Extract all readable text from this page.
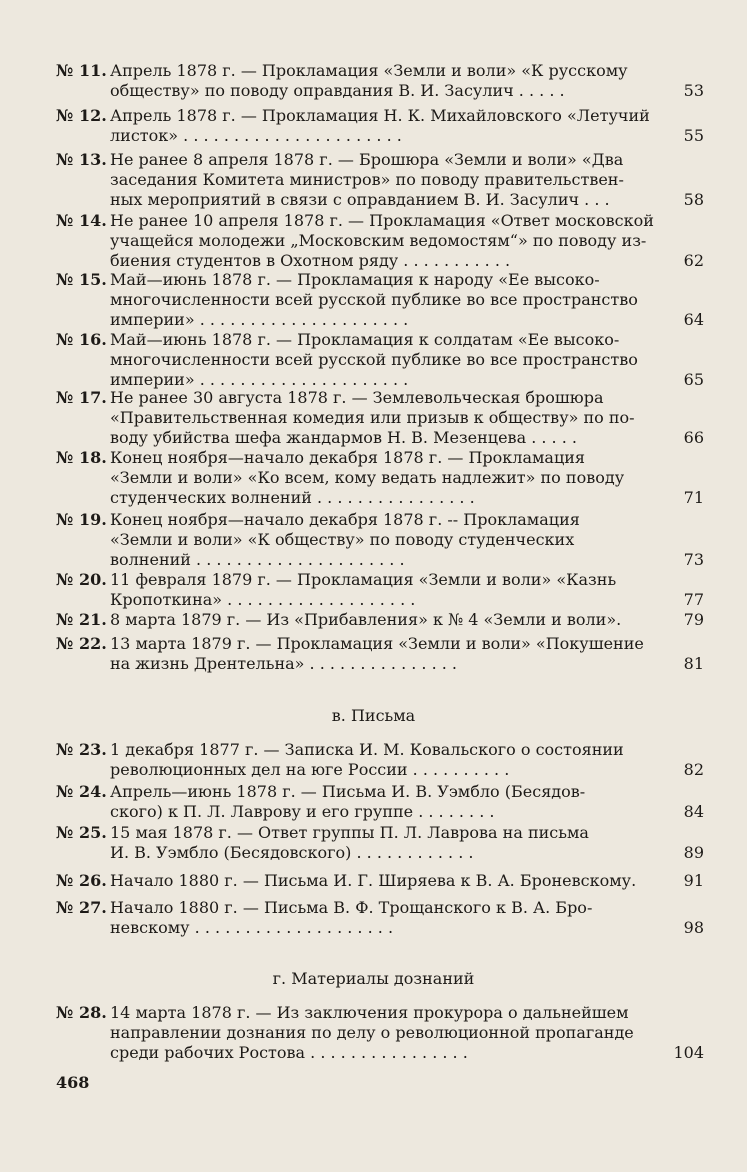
№ 11. Апрель 1878 г. — Прокламация «Земли и воли» «К русскому
обществу» по поводу оправдания В. И. Засулич . . . . .	53
№ 12. Апрель 1878 г. — Прокламация Н. К. Михайловского «Летучий
листок» . . . . . . . . . . . . . . . . . . . . . .	55
№ 13. Не ранее 8 апреля 1878 г. — Брошюра «Земли и воли» «Два
заседания Комитета министров» по поводу правительствен-
ных мероприятий в связи с оправданием В. И. Засулич . . .	58
№ 14. Не ранее 10 апреля 1878 г. — Прокламация «Ответ московской
учащейся молодежи „Московским ведомостям“» по поводу из-
биения студентов в Охотном ряду . . . . . . . . . . .	62
№ 15. Май—июнь 1878 г. — Прокламация к народу «Ее высоко-
многочисленности всей русской публике во все пространство
империи» . . . . . . . . . . . . . . . . . . . . .	64
№ 16. Май—июнь 1878 г. — Прокламация к солдатам «Ее высоко-
многочисленности всей русской публике во все пространство
империи» . . . . . . . . . . . . . . . . . . . . .	65
№ 17. Не ранее 30 августа 1878 г. — Землевольческая брошюра
«Правительственная комедия или призыв к обществу» по по-
воду убийства шефа жандармов Н. В. Мезенцева . . . . .	66
№ 18. Конец ноября—начало декабря 1878 г. — Прокламация
«Земли и воли» «Ко всем, кому ведать надлежит» по поводу
студенческих волнений . . . . . . . . . . . . . . . .	71
№ 19. Конец ноября—начало декабря 1878 г. -- Прокламация
«Земли и воли» «К обществу» по поводу студенческих
волнений . . . . . . . . . . . . . . . . . . . . .	73
№ 20. 11 февраля 1879 г. — Прокламация «Земли и воли» «Казнь
Кропоткина» . . . . . . . . . . . . . . . . . . .	77
№ 21. 8 марта 1879 г. — Из «Прибавления» к № 4 «Земли и воли».	79
№ 22. 13 марта 1879 г. — Прокламация «Земли и воли» «Покушение
на жизнь Дрентельна» . . . . . . . . . . . . . . .	81
в. Письма
№ 23. 1 декабря 1877 г. — Записка И. М. Ковальского о состоянии
революционных дел на юге России . . . . . . . . . .	82
№ 24. Апрель—июнь 1878 г. — Письма И. В. Уэмбло (Бесядов-
ского) к П. Л. Лаврову и его группе . . . . . . . .	84
№ 25. 15 мая 1878 г. — Ответ группы П. Л. Лаврова на письма
И. В. Уэмбло (Бесядовского) . . . . . . . . . . . .	89
№ 26. Начало 1880 г. — Письма И. Г. Ширяева к В. А. Броневскому.	91
№ 27. Начало 1880 г. — Письма В. Ф. Трощанского к В. А. Бро-
невскому . . . . . . . . . . . . . . . . . . . .	98
г. Материалы дознаний
№ 28. 14 марта 1878 г. — Из заключения прокурора о дальнейшем
направлении дознания по делу о революционной пропаганде
среди рабочих Ростова . . . . . . . . . . . . . . . .	104
468
